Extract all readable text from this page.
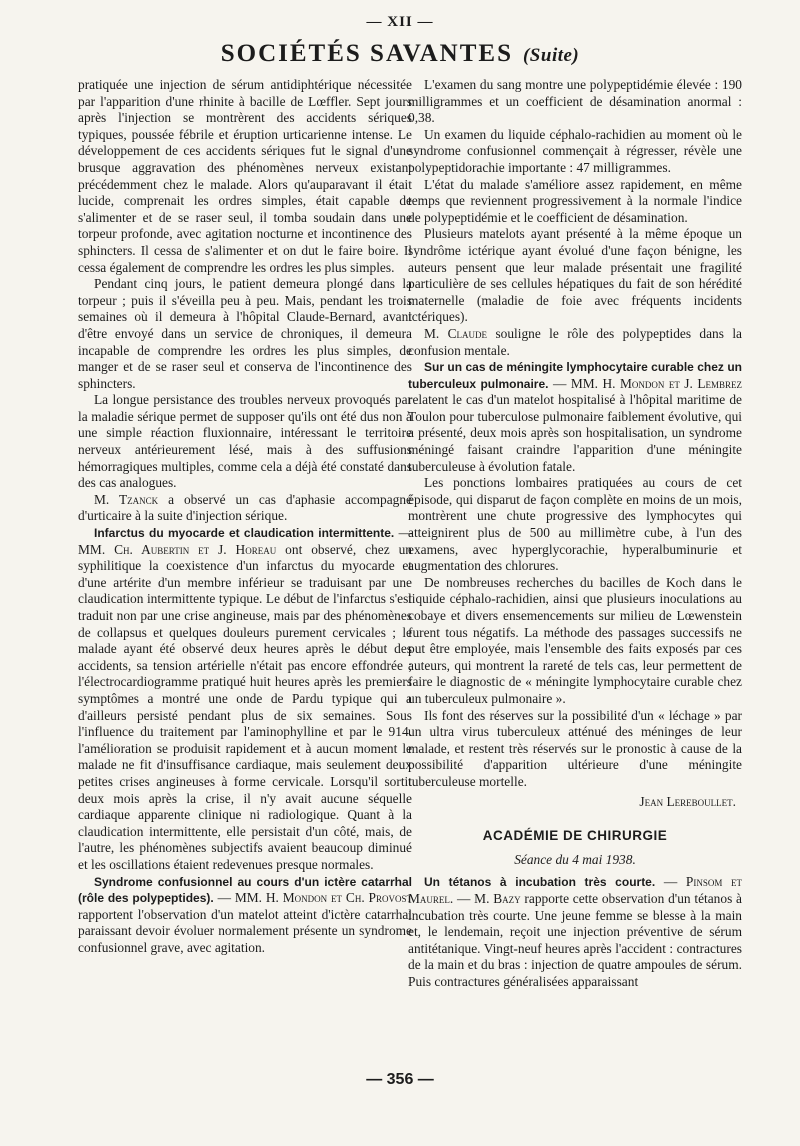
— XII —
SOCIÉTÉS SAVANTES (Suite)

pratiquée une injection de sérum antidiphtérique nécessitée par l'apparition d'une rhinite à bacille de Lœffler. Sept jours après l'injection se montrèrent des accidents sériques typiques, poussée fébrile et éruption urticarienne intense. Le développement de ces accidents sériques fut le signal d'une brusque aggravation des phénomènes nerveux existant précédemment chez le malade. Alors qu'auparavant il était lucide, comprenait les ordres simples, était capable de s'alimenter et de se raser seul, il tomba soudain dans une torpeur profonde, avec agitation nocturne et incontinence des sphincters. Il cessa de s'alimenter et on dut le faire boire. Il cessa également de comprendre les ordres les plus simples.

Pendant cinq jours, le patient demeura plongé dans la torpeur ; puis il s'éveilla peu à peu. Mais, pendant les trois semaines où il demeura à l'hôpital Claude-Bernard, avant d'être envoyé dans un service de chroniques, il demeura incapable de comprendre les ordres les plus simples, de manger et de se raser seul et conserva de l'incontinence des sphincters.

La longue persistance des troubles nerveux provoqués par la maladie sérique permet de supposer qu'ils ont été dus non à une simple réaction fluxionnaire, intéressant le territoire nerveux antérieurement lésé, mais à des suffusions hémorragiques multiples, comme cela a déjà été constaté dans des cas analogues.

M. Tzanck a observé un cas d'aphasie accompagné d'urticaire à la suite d'injection sérique.

Infarctus du myocarde et claudication intermittente. — MM. Ch. Aubertin et J. Horeau ont observé, chez un syphilitique la coexistence d'un infarctus du myocarde et d'une artérite d'un membre inférieur se traduisant par une claudication intermittente typique. Le début de l'infarctus s'est traduit non par une crise angineuse, mais par des phénomènes de collapsus et quelques douleurs purement cervicales ; le malade ayant été observé deux heures après le début des accidents, sa tension artérielle n'était pas encore effondrée ; l'électrocardiogramme pratiqué huit heures après les premiers symptômes a montré une onde de Pardu typique qui a d'ailleurs persisté pendant plus de six semaines. Sous l'influence du traitement par l'aminophylline et par le 914. l'amélioration se produisit rapidement et à aucun moment le malade ne fit d'insuffisance cardiaque, mais seulement deux petites crises angineuses à forme cervicale. Lorsqu'il sortit deux mois après la crise, il n'y avait aucune séquelle cardiaque apparente clinique ni radiologique. Quant à la claudication intermittente, elle persistait d'un côté, mais, de l'autre, les phénomènes subjectifs avaient beaucoup diminué et les oscillations étaient redevenues presque normales.

Syndrome confusionnel au cours d'un ictère catarrhal (rôle des polypeptides). — MM. H. Mondon et Ch. Provost rapportent l'observation d'un matelot atteint d'ictère catarrhal paraissant devoir évoluer normalement présente un syndrome confusionnel grave, avec agitation.

L'examen du sang montre une polypeptidémie élevée : 190 milligrammes et un coefficient de désamination anormal : 0,38.

Un examen du liquide céphalo-rachidien au moment où le syndrome confusionnel commençait à régresser, révèle une polypeptidorachie importante : 47 milligrammes.

L'état du malade s'améliore assez rapidement, en même temps que reviennent progressivement à la normale l'indice de polypeptidémie et le coefficient de désamination.

Plusieurs matelots ayant présenté à la même époque un syndrôme ictérique ayant évolué d'une façon bénigne, les auteurs pensent que leur malade présentait une fragilité particulière de ses cellules hépatiques du fait de son hérédité maternelle (maladie de foie avec fréquents incidents ictériques).

M. Claude souligne le rôle des polypeptides dans la confusion mentale.

Sur un cas de méningite lymphocytaire curable chez un tuberculeux pulmonaire. — MM. H. Mondon et J. Lembrez relatent le cas d'un matelot hospitalisé à l'hôpital maritime de Toulon pour tuberculose pulmonaire faiblement évolutive, qui a présenté, deux mois après son hospitalisation, un syndrome méningé faisant craindre l'apparition d'une méningite tuberculeuse à évolution fatale.

Les ponctions lombaires pratiquées au cours de cet épisode, qui disparut de façon complète en moins de un mois, montrèrent une chute progressive des lymphocytes qui atteignirent plus de 500 au millimètre cube, à l'un des examens, avec hyperglycorachie, hyperalbuminurie et augmentation des chlorures.

De nombreuses recherches du bacilles de Koch dans le liquide céphalo-rachidien, ainsi que plusieurs inoculations au cobaye et divers ensemencements sur milieu de Lœwenstein furent tous négatifs. La méthode des passages successifs ne put être employée, mais l'ensemble des faits exposés par ces auteurs, qui montrent la rareté de tels cas, leur permettent de faire le diagnostic de « méningite lymphocytaire curable chez un tuberculeux pulmonaire ».

Ils font des réserves sur la possibilité d'un « léchage » par un ultra virus tuberculeux atténué des méninges de leur malade, et restent très réservés sur le pronostic à cause de la possibilité d'apparition ultérieure d'une méningite tuberculeuse mortelle.

Jean Lereboullet.
ACADÉMIE DE CHIRURGIE
Séance du 4 mai 1938.

Un tétanos à incubation très courte. — Pinsom et Maurel. — M. Bazy rapporte cette observation d'un tétanos à incubation très courte. Une jeune femme se blesse à la main et, le lendemain, reçoit une injection préventive de sérum antitétanique. Vingt-neuf heures après l'accident : contractures de la main et du bras : injection de quatre ampoules de sérum. Puis contractures généralisées apparaissant

— 356 —
